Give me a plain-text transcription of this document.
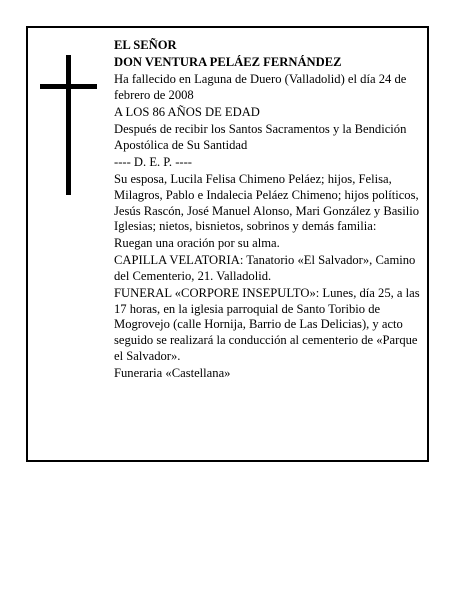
EL SEÑOR

DON VENTURA PELÁEZ FERNÁNDEZ

Ha fallecido en Laguna de Duero (Valladolid) el día 24 de febrero de 2008

A LOS 86 AÑOS DE EDAD

Después de recibir los Santos Sacramentos y la Bendición Apostólica de Su Santidad

---- D. E. P. ----

Su esposa, Lucila Felisa Chimeno Peláez; hijos, Felisa, Milagros, Pablo e Indalecia Peláez Chimeno; hijos políticos, Jesús Rascón, José Manuel Alonso, Mari González y Basilio Iglesias; nietos, bisnietos, sobrinos y demás familia:

Ruegan una oración por su alma.

CAPILLA VELATORIA: Tanatorio «El Salvador», Camino del Cementerio, 21. Valladolid.

FUNERAL «CORPORE INSEPULTO»: Lunes, día 25, a las 17 horas, en la iglesia parroquial de Santo Toribio de Mogrovejo (calle Hornija, Barrio de Las Delicias), y acto seguido se realizará la conducción al cementerio de «Parque el Salvador».

Funeraria «Castellana»
